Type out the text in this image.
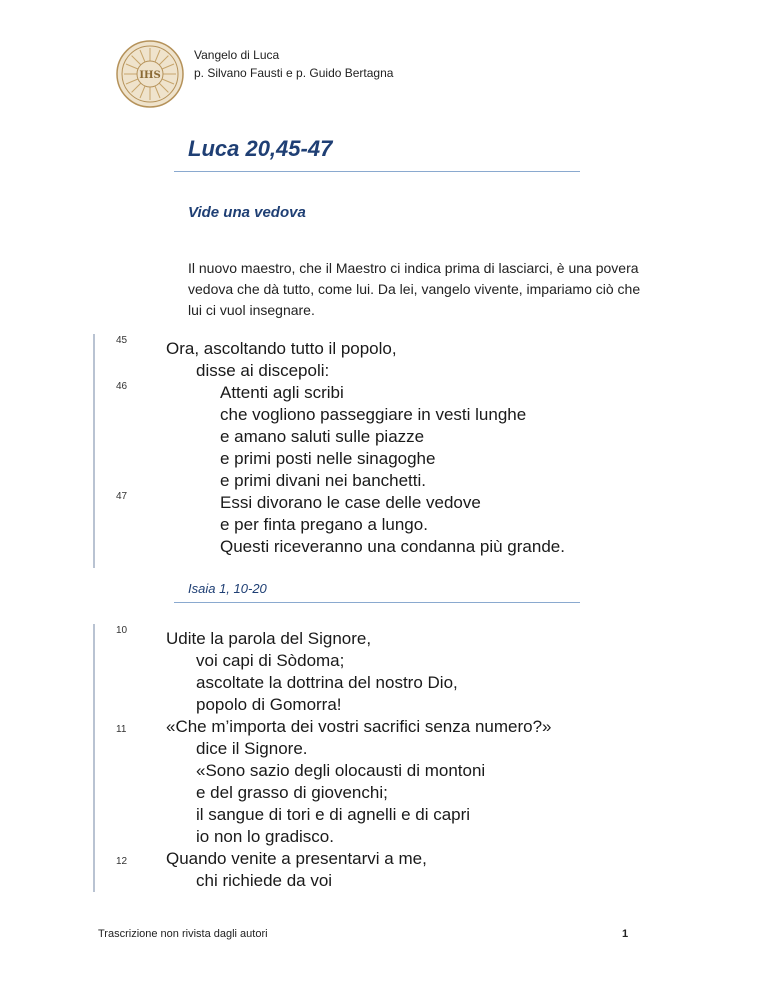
IHS
Vangelo di Luca
p. Silvano Fausti e p. Guido Bertagna
Luca 20,45-47
Vide una vedova
Il nuovo maestro, che il Maestro ci indica prima di lasciarci, è una povera vedova che dà tutto, come lui. Da lei, vangelo vivente, impariamo ciò che lui ci vuol insegnare.
45
46
47
Ora, ascoltando tutto il popolo,
disse ai discepoli:
Attenti agli scribi
che vogliono passeggiare in vesti lunghe
e amano saluti sulle piazze
e primi posti nelle sinagoghe
e primi divani nei banchetti.
Essi divorano le case delle vedove
e per finta pregano a lungo.
Questi riceveranno una condanna più grande.
Isaia 1, 10-20
10
11
12
Udite la parola del Signore,
voi capi di Sòdoma;
ascoltate la dottrina del nostro Dio,
popolo di Gomorra!
«Che m’importa dei vostri sacrifici senza numero?»
dice il Signore.
«Sono sazio degli olocausti di montoni
e del grasso di giovenchi;
il sangue di tori e di agnelli e di capri
io non lo gradisco.
Quando venite a presentarvi a me,
chi richiede da voi
Trascrizione non rivista dagli autori	1
